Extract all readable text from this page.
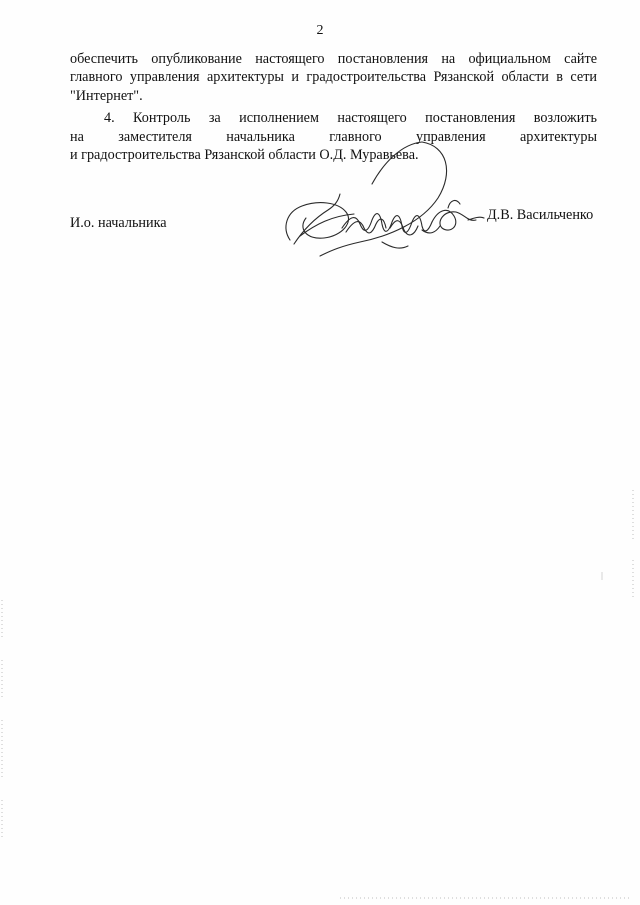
2
обеспечить опубликование настоящего постановления на официальном сайте
главного управления архитектуры и градостроительства Рязанской области в сети
"Интернет".
4. Контроль за исполнением настоящего постановления возложить
на заместителя начальника главного управления архитектуры
и градостроительства Рязанской области О.Д. Муравьева.
И.о. начальника	Д.В. Васильченко
